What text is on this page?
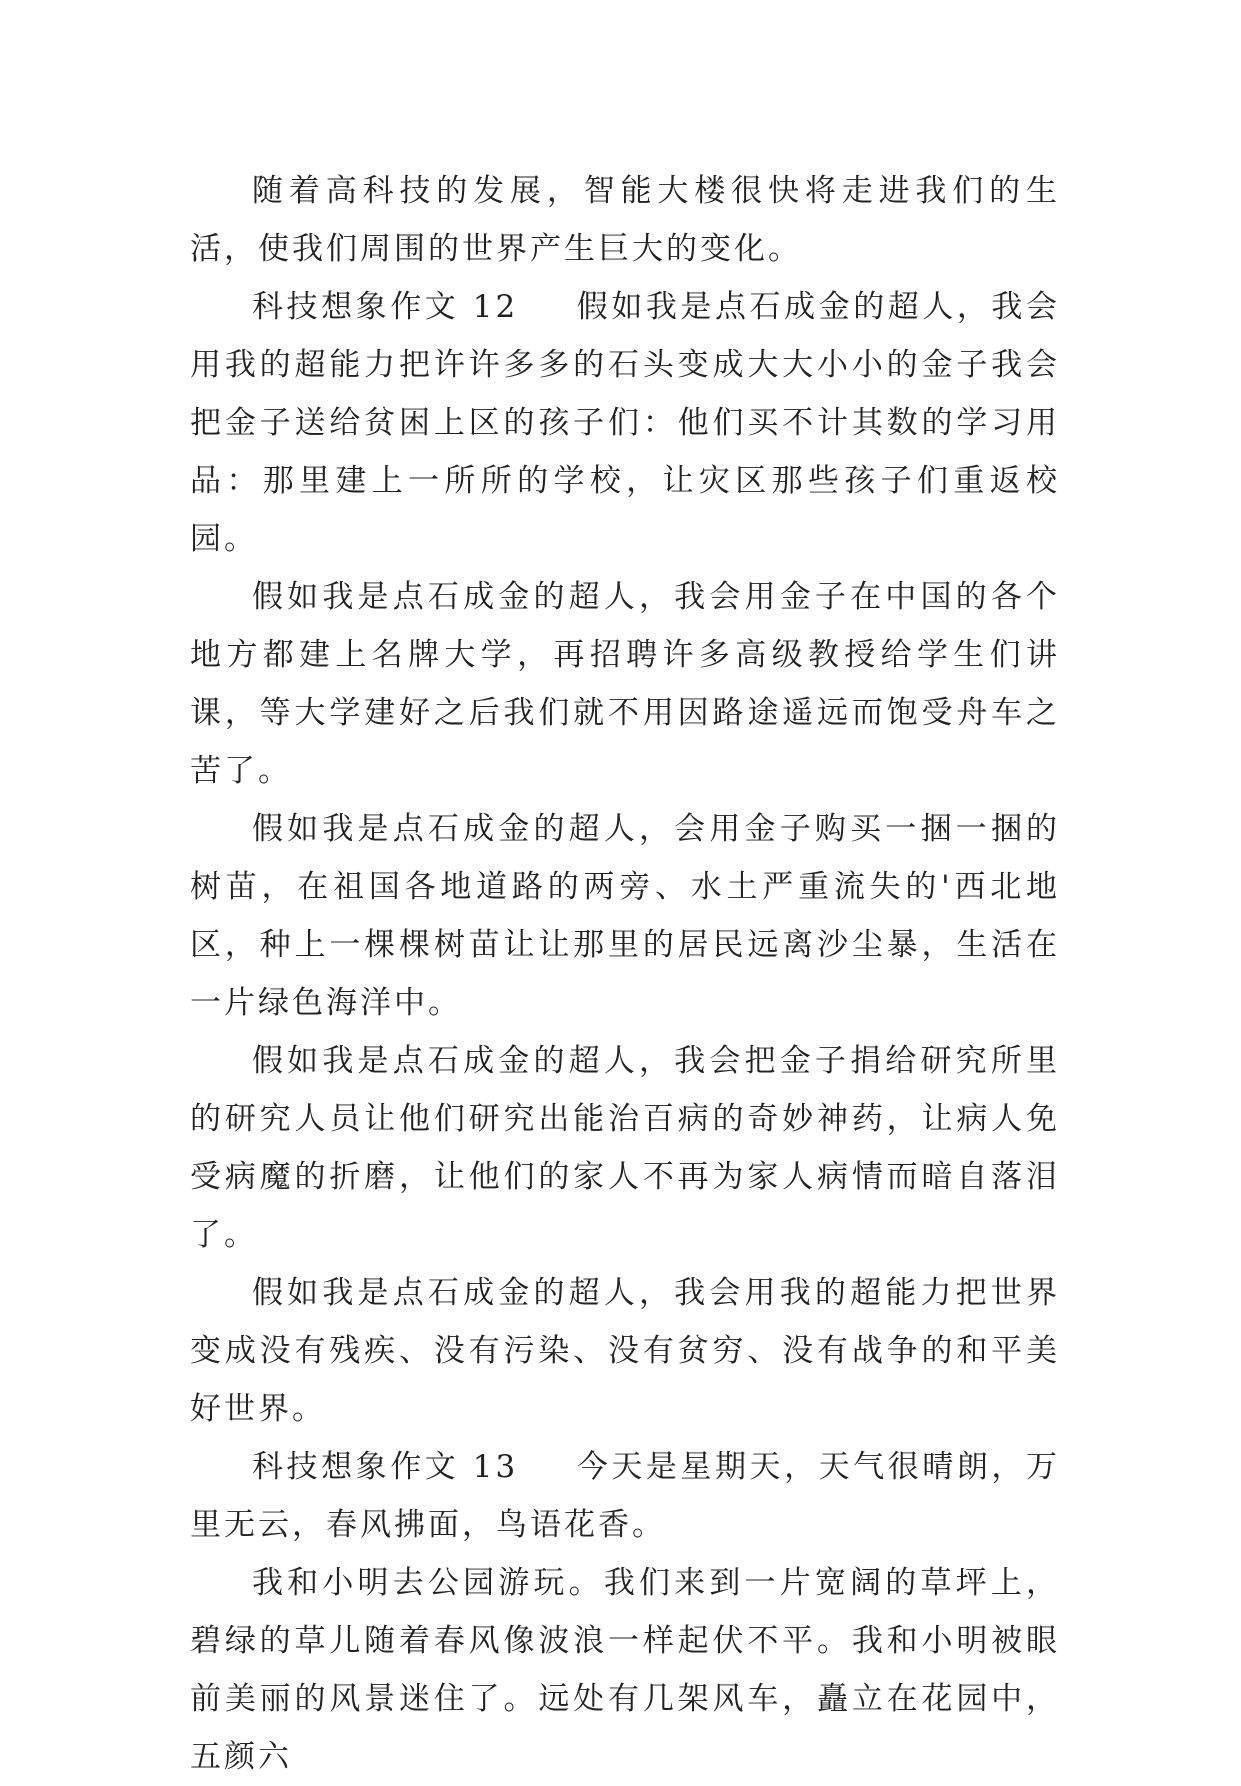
随着高科技的发展，智能大楼很快将走进我们的生活，使我们周围的世界产生巨大的变化。

科技想象作文 12 假如我是点石成金的超人，我会用我的超能力把许许多多的石头变成大大小小的金子我会把金子送给贫困上区的孩子们：他们买不计其数的学习用品：那里建上一所所的学校，让灾区那些孩子们重返校园。

假如我是点石成金的超人，我会用金子在中国的各个地方都建上名牌大学，再招聘许多高级教授给学生们讲课，等大学建好之后我们就不用因路途遥远而饱受舟车之苦了。

假如我是点石成金的超人，会用金子购买一捆一捆的树苗，在祖国各地道路的两旁、水土严重流失的'西北地区，种上一棵棵树苗让让那里的居民远离沙尘暴，生活在一片绿色海洋中。

假如我是点石成金的超人，我会把金子捐给研究所里的研究人员让他们研究出能治百病的奇妙神药，让病人免受病魔的折磨，让他们的家人不再为家人病情而暗自落泪了。

假如我是点石成金的超人，我会用我的超能力把世界变成没有残疾、没有污染、没有贫穷、没有战争的和平美好世界。

科技想象作文 13 今天是星期天，天气很晴朗，万里无云，春风拂面，鸟语花香。

我和小明去公园游玩。我们来到一片宽阔的草坪上，碧绿的草儿随着春风像波浪一样起伏不平。我和小明被眼前美丽的风景迷住了。远处有几架风车，矗立在花园中，五颜六
